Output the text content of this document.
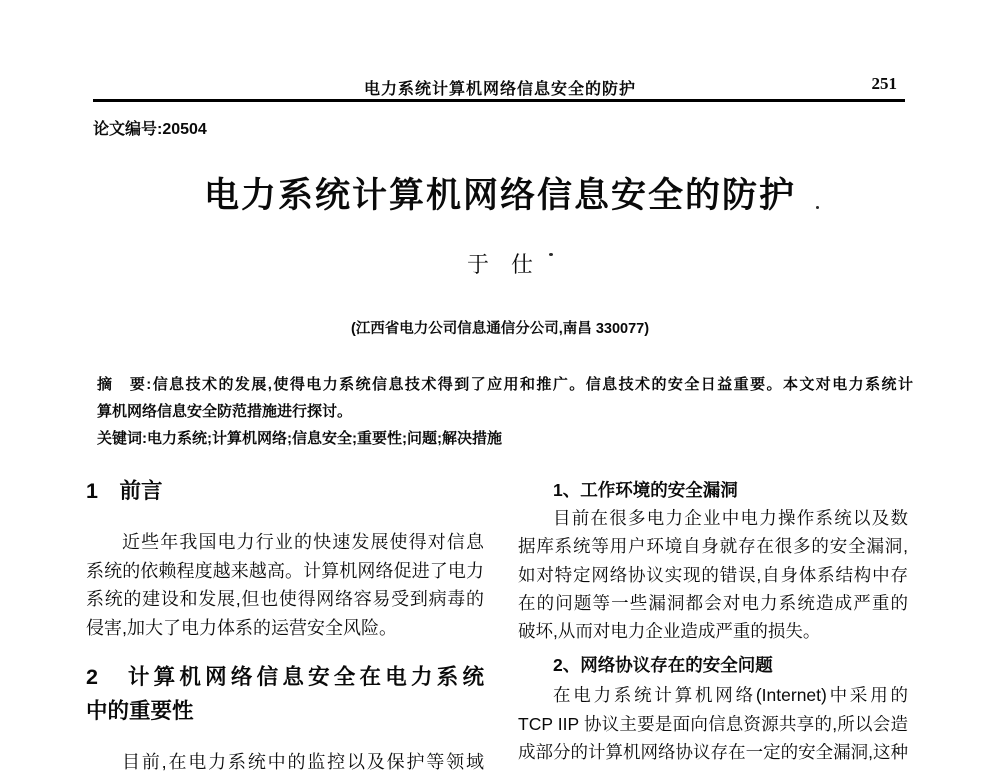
电力系统计算机网络信息安全的防护	251
论文编号:20504
电力系统计算机网络信息安全的防护
于　仕
(江西省电力公司信息通信分公司,南昌 330077)
摘　要:信息技术的发展,使得电力系统信息技术得到了应用和推广。信息技术的安全日益重要。本文对电力系统计
算机网络信息安全防范措施进行探讨。
关键词:电力系统;计算机网络;信息安全;重要性;问题;解决措施
1　前言
近些年我国电力行业的快速发展使得对信息
系统的依赖程度越来越高。计算机网络促进了电力
系统的建设和发展,但也使得网络容易受到病毒的
侵害,加大了电力体系的运营安全风险。
2　计算机网络信息安全在电力系统
中的重要性
目前,在电力系统中的监控以及保护等领域
1、工作环境的安全漏洞
目前在很多电力企业中电力操作系统以及数
据库系统等用户环境自身就存在很多的安全漏洞,
如对特定网络协议实现的错误,自身体系结构中存
在的问题等一些漏洞都会对电力系统造成严重的
破坏,从而对电力企业造成严重的损失。
2、网络协议存在的安全问题
在电力系统计算机网络(Internet)中采用的
TCP IIP 协议主要是面向信息资源共享的,所以会造
成部分的计算机网络协议存在一定的安全漏洞,这种
